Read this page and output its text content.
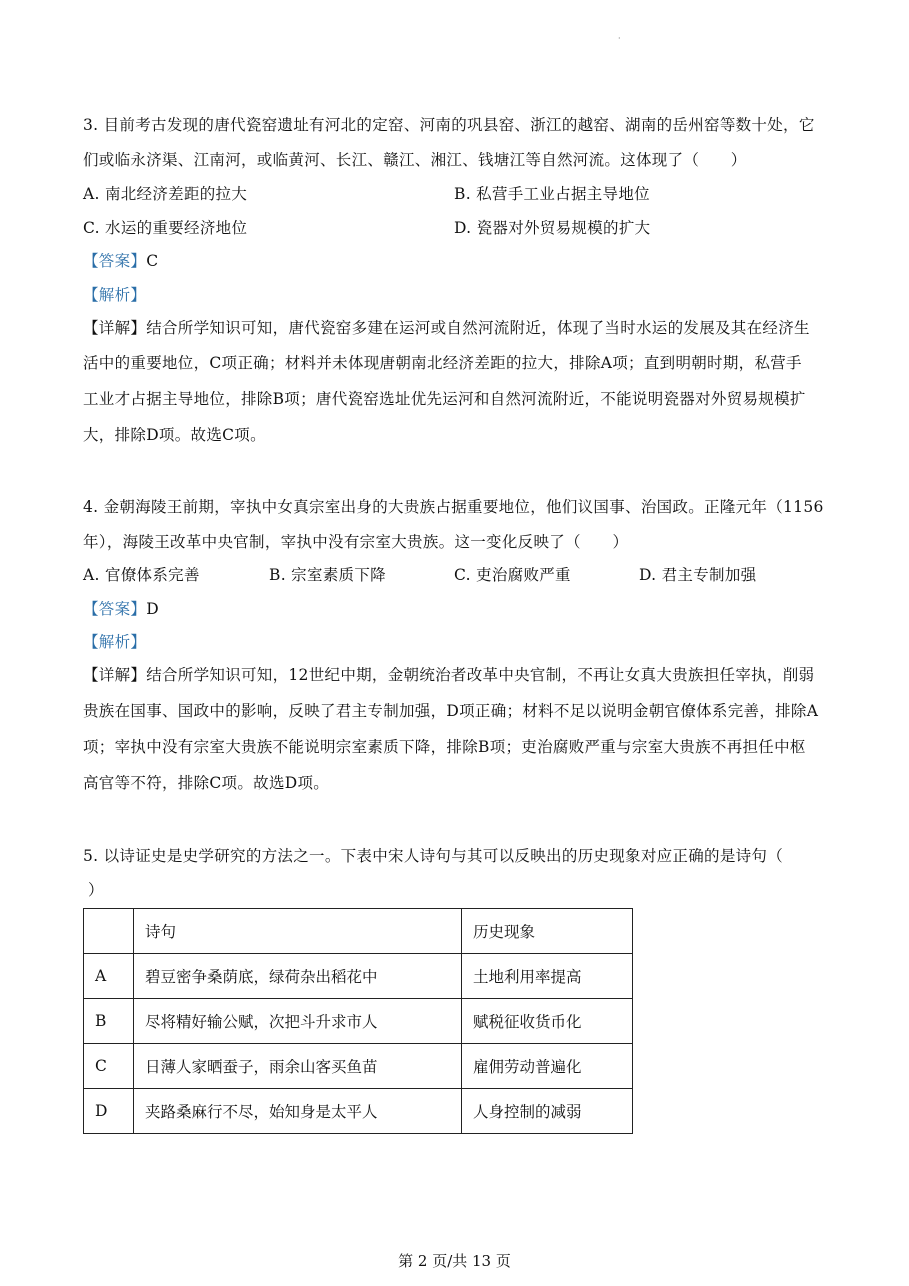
·
3. 目前考古发现的唐代瓷窑遗址有河北的定窑、河南的巩县窑、浙江的越窑、湖南的岳州窑等数十处，它
们或临永济渠、江南河，或临黄河、长江、赣江、湘江、钱塘江等自然河流。这体现了（　　）
A. 南北经济差距的拉大	B. 私营手工业占据主导地位
C. 水运的重要经济地位	D. 瓷器对外贸易规模的扩大
【答案】C
【解析】
【详解】结合所学知识可知，唐代瓷窑多建在运河或自然河流附近，体现了当时水运的发展及其在经济生
活中的重要地位，C项正确；材料并未体现唐朝南北经济差距的拉大，排除A项；直到明朝时期，私营手
工业才占据主导地位，排除B项；唐代瓷窑选址优先运河和自然河流附近，不能说明瓷器对外贸易规模扩
大，排除D项。故选C项。
4. 金朝海陵王前期，宰执中女真宗室出身的大贵族占据重要地位，他们议国事、治国政。正隆元年（1156
年），海陵王改革中央官制，宰执中没有宗室大贵族。这一变化反映了（　　）
A. 官僚体系完善	B. 宗室素质下降	C. 吏治腐败严重	D. 君主专制加强
【答案】D
【解析】
【详解】结合所学知识可知，12世纪中期，金朝统治者改革中央官制，不再让女真大贵族担任宰执，削弱
贵族在国事、国政中的影响，反映了君主专制加强，D项正确；材料不足以说明金朝官僚体系完善，排除A
项；宰执中没有宗室大贵族不能说明宗室素质下降，排除B项；吏治腐败严重与宗室大贵族不再担任中枢
高官等不符，排除C项。故选D项。
5. 以诗证史是史学研究的方法之一。下表中宋人诗句与其可以反映出的历史现象对应正确的是诗句（
）
	诗句	历史现象
A	碧豆密争桑荫底，绿荷杂出稻花中	土地利用率提高
B	尽将精好输公赋，次把斗升求市人	赋税征收货币化
C	日薄人家晒蚕子，雨余山客买鱼苗	雇佣劳动普遍化
D	夹路桑麻行不尽，始知身是太平人	人身控制的减弱
第 2 页/共 13 页
